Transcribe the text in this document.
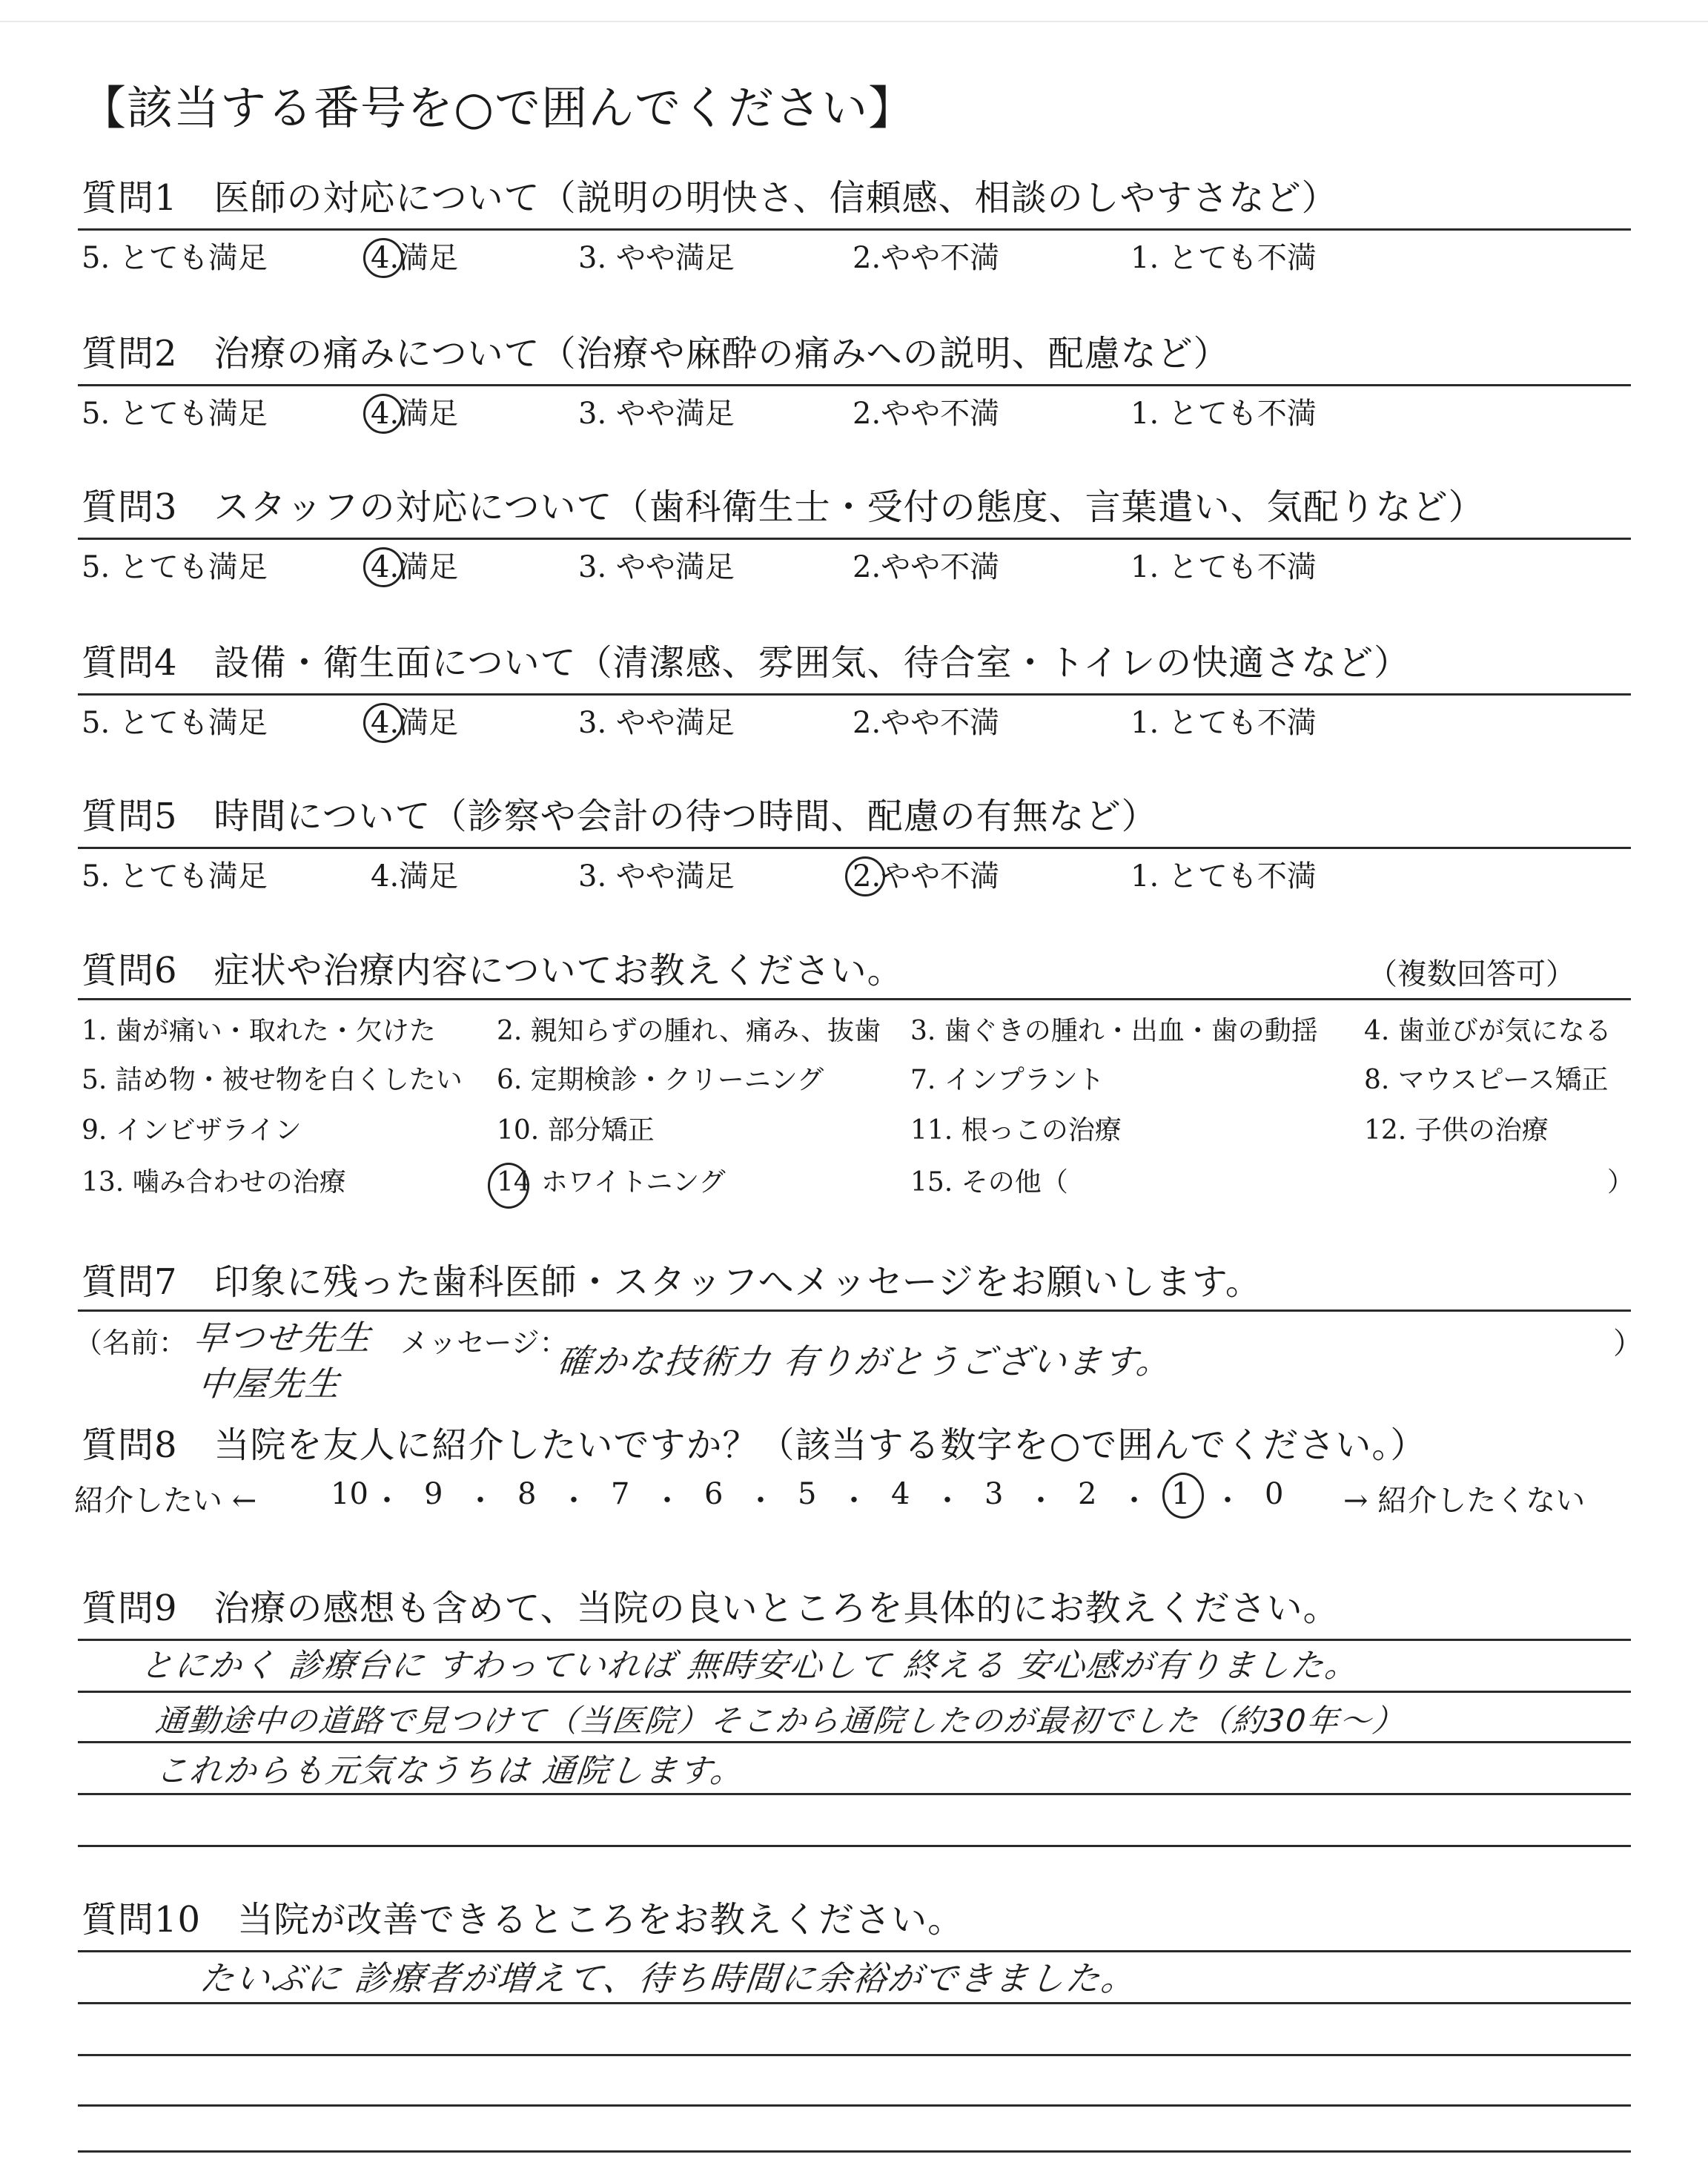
【該当する番号を○で囲んでください】
質問1　医師の対応について（説明の明快さ、信頼感、相談のしやすさなど）
5. とても満足	4.満足	3. やや満足	2.やや不満	1. とても不満
質問2　治療の痛みについて（治療や麻酔の痛みへの説明、配慮など）
5. とても満足	4.満足	3. やや満足	2.やや不満	1. とても不満
質問3　スタッフの対応について（歯科衛生士・受付の態度、言葉遣い、気配りなど）
5. とても満足	4.満足	3. やや満足	2.やや不満	1. とても不満
質問4　設備・衛生面について（清潔感、雰囲気、待合室・トイレの快適さなど）
5. とても満足	4.満足	3. やや満足	2.やや不満	1. とても不満
質問5　時間について（診察や会計の待つ時間、配慮の有無など）
5. とても満足	4.満足	3. やや満足	2.やや不満	1. とても不満
質問6　症状や治療内容についてお教えください。	（複数回答可）
1. 歯が痛い・取れた・欠けた 2. 親知らずの腫れ、痛み、抜歯 3. 歯ぐきの腫れ・出血・歯の動揺 4. 歯並びが気になる
5. 詰め物・被せ物を白くしたい 6. 定期検診・クリーニング	7. インプラント	8. マウスピース矯正
9. インビザライン	10. 部分矯正	11. 根っこの治療	12. 子供の治療
13. 噛み合わせの治療	14 ホワイトニング	15. その他（	）
質問7　印象に残った歯科医師・スタッフへメッセージをお願いします。
（名前： 早つせ先生
中屋先生
メッセージ：
確かな技術力 有りがとうございます。	）
質問8　当院を友人に紹介したいですか？（該当する数字を○で囲んでください。）
紹介したい ← 10 ・ 9 ・ 8 ・ 7 ・ 6 ・ 5 ・ 4 ・ 3 ・ 2 ・ 1 ・ 0 → 紹介したくない
質問9　治療の感想も含めて、当院の良いところを具体的にお教えください。
とにかく 診療台に すわっていれば 無時安心して 終える 安心感が有りました。
通勤途中の道路で見つけて（当医院）そこから通院したのが最初でした（約30年～）
これからも元気なうちは 通院します。
質問10　当院が改善できるところをお教えください。
たいぶに 診療者が増えて、待ち時間に余裕ができました。
